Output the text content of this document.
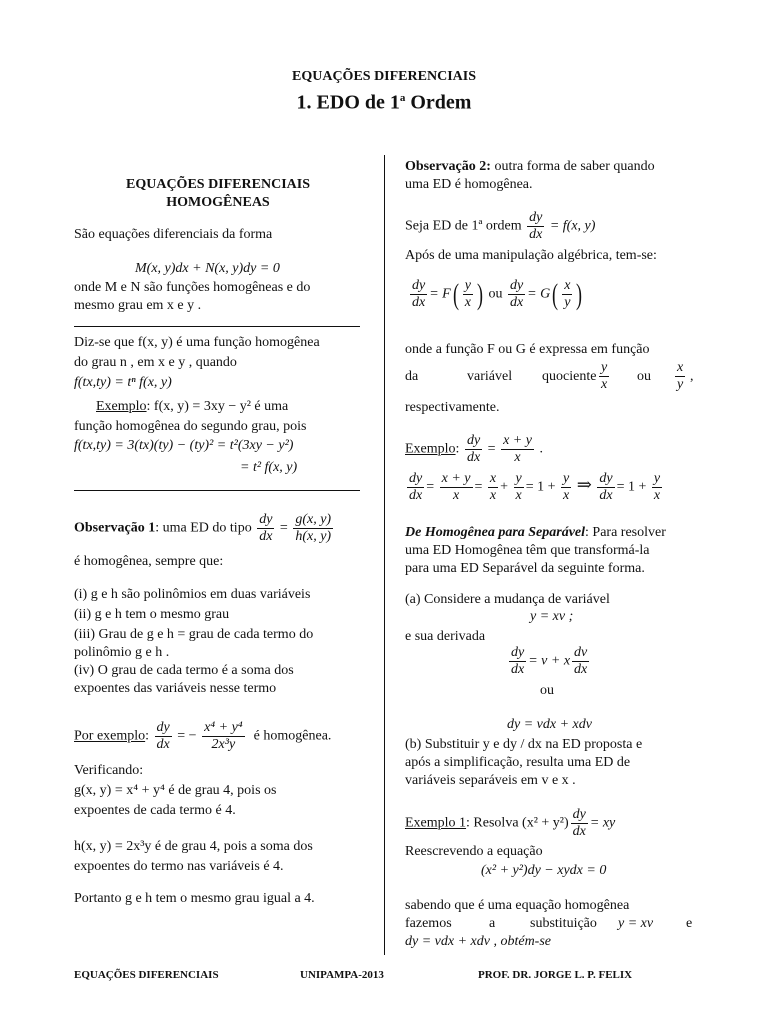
EQUAÇÕES DIFERENCIAIS
1. EDO de 1$^a$ Ordem
EQUAÇÕES DIFERENCIAIS
HOMOGÊNEAS
São equações diferenciais da forma
M(x, y)dx + N(x, y)dy = 0
onde M e N são funções homogêneas e do
mesmo grau em x e y .
Diz-se que f(x, y) é uma função homogênea
do grau n , em x e y , quando
f(tx,ty) = tⁿ f(x, y)
Exemplo: f(x, y) = 3xy − y² é uma
função homogênea do segundo grau, pois
f(tx,ty) = 3(tx)(ty) − (ty)² = t²(3xy − y²)
= t² f(x, y)
Observação 1: uma ED do tipo $\frac{dy}{dx} = \frac{g(x, y)}{h(x, y)}$
é homogênea, sempre que:
(i) g e h são polinômios em duas variáveis
(ii) g e h tem o mesmo grau
(iii) Grau de g e h = grau de cada termo do
polinômio g e h .
(iv) O grau de cada termo é a soma dos
expoentes das variáveis nesse termo
Por exemplo: $\frac{dy}{dx}$ = − $\frac{\text{x⁴ + y⁴}}{\text{2x³y}}$ é homogênea.
Verificando:
g(x, y) = x⁴ + y⁴ é de grau 4, pois os
expoentes de cada termo é 4.
h(x, y) = 2x³y é de grau 4, pois a soma dos
expoentes do termo nas variáveis é 4.
Portanto g e h tem o mesmo grau igual a 4.
Observação 2: outra forma de saber quando
uma ED é homogênea.
Seja ED de 1ª ordem $\frac{dy}{dx} = f(x$, y)
Após de uma manipulação algébrica, tem-se:
$\frac{dy}{dx} = F( \frac{y}{x}$ ) ou $\frac{dy}{dx} = G( \frac{x}{y}$ )
onde a função F ou G é expressa em função
da	variável quociente $\frac{y}{x}$ ou $\frac{x}{y}$ ,
respectivamente.
Exemplo: $\frac{dy}{dx} = \frac{x + y}{x}$ .
$\frac{dy}{dx} = \frac{x + y}{x} = \frac{x}{x} + \frac{y}{x} = 1 + \frac{y}{x}$ ⇒ $\frac{dy}{dx} = 1 + \frac{y}{x}$
De Homogênea para Separável: Para resolver
uma ED Homogênea têm que transformá-la
para uma ED Separável da seguinte forma.
(a) Considere a mudança de variável
y = xv ;
e sua derivada
$\frac{dy}{dx} = v + x \frac{dv}{dx}$
ou
dy = vdx + xdv
(b) Substituir y e dy / dx na ED proposta e
após a simplificação, resulta uma ED de
variáveis separáveis em v e x .
Exemplo 1: Resolva $(x^2 + y^2) \frac{dy}{dx}$ = xy
Reescrevendo a equação
(x² + y²)dy − xydx = 0
sabendo que é uma equação homogênea
fazemos	a substituição y = xv e
dy = vdx + xdv , obtém-se
EQUAÇÕES DIFERENCIAIS	UNIPAMPA-2013	PROF. DR. JORGE L. P. FELIX
